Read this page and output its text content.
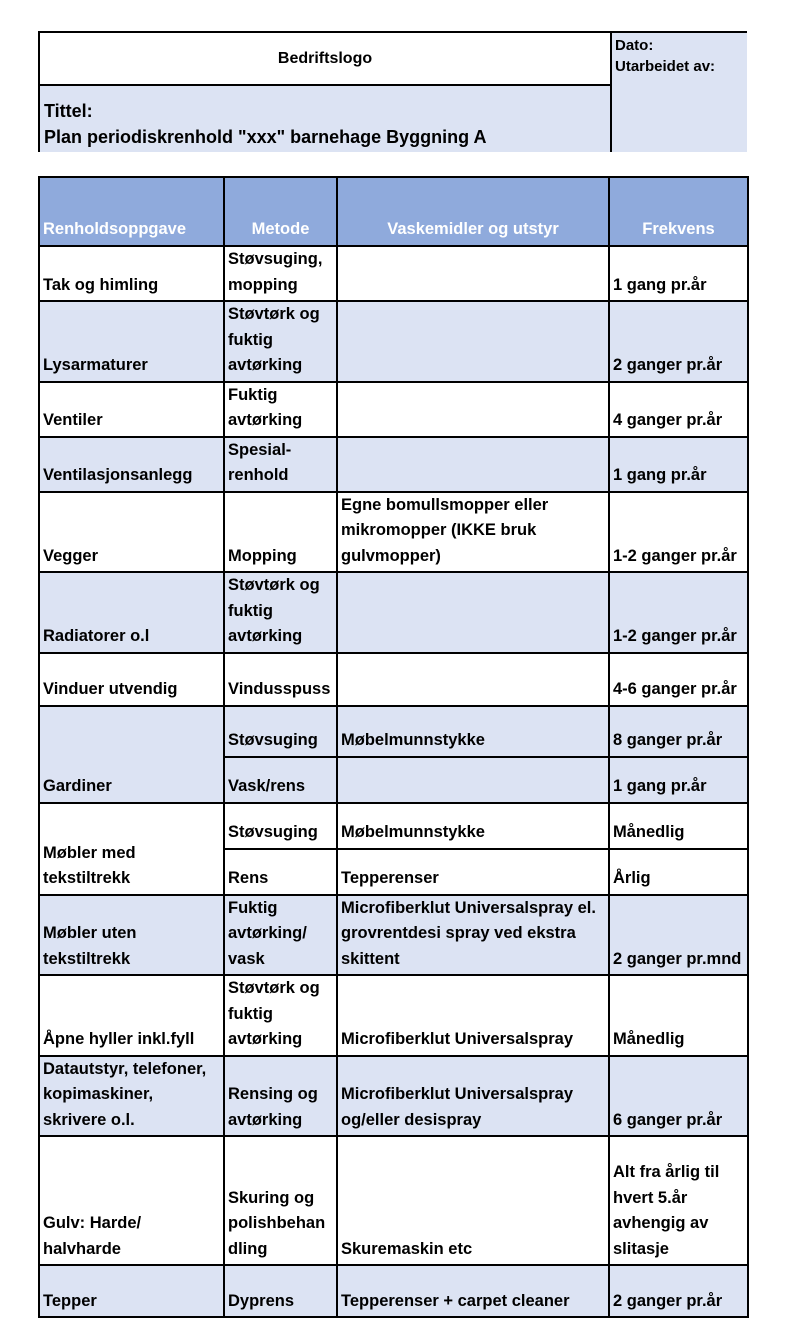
Bedriftslogo
Tittel:
Plan periodiskrenhold "xxx" barnehage Byggning A
Dato:
Utarbeidet av:
Renholdsoppgave	Metode	Vaskemidler og utstyr	Frekvens
Tak og himling	Støvsuging, mopping		1 gang pr.år
Lysarmaturer	Støvtørk og fuktig avtørking		2 ganger pr.år
Ventiler	Fuktig avtørking		4 ganger pr.år
Ventilasjonsanlegg	Spesial-renhold		1 gang pr.år
Vegger	Mopping	Egne bomullsmopper eller mikromopper (IKKE bruk gulvmopper)	1-2 ganger pr.år
Radiatorer o.l	Støvtørk og fuktig avtørking		1-2 ganger pr.år
Vinduer utvendig	Vindusspuss		4-6 ganger pr.år
Gardiner	Støvsuging	Møbelmunnstykke	8 ganger pr.år
	Vask/rens		1 gang pr.år
Møbler med tekstiltrekk	Støvsuging	Møbelmunnstykke	Månedlig
	Rens	Tepperenser	Årlig
Møbler uten tekstiltrekk	Fuktig avtørking/ vask	Microfiberklut Universalspray el. grovrentdesi spray ved ekstra skittent	2 ganger pr.mnd
Åpne hyller inkl.fyll	Støvtørk og fuktig avtørking	Microfiberklut Universalspray	Månedlig
Datautstyr, telefoner, kopimaskiner, skrivere o.l.	Rensing og avtørking	Microfiberklut Universalspray og/eller desispray	6 ganger pr.år
Gulv: Harde/ halvharde	Skuring og polishbehan dling	Skuremaskin etc	Alt fra årlig til hvert 5.år avhengig av slitasje
Tepper	Dyprens	Tepperenser + carpet cleaner	2 ganger pr.år
